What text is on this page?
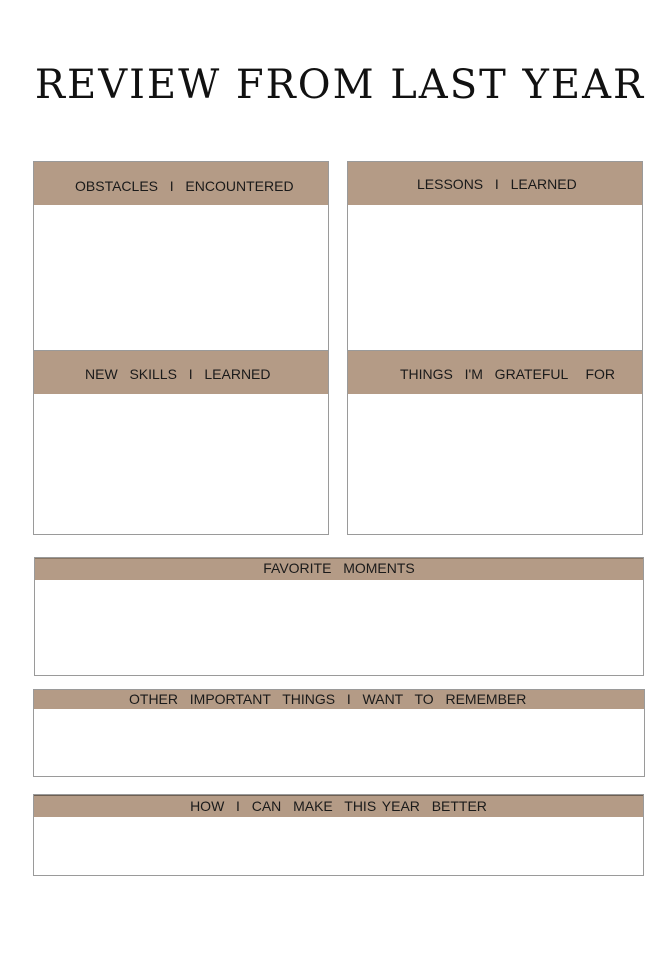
REVIEW FROM LAST YEAR
OBSTACLES  I  ENCOUNTERED	LESSONS  I  LEARNED
NEW  SKILLS  I  LEARNED	THINGS  I'M  GRATEFUL   FOR
FAVORITE  MOMENTS
OTHER  IMPORTANT  THINGS  I  WANT  TO  REMEMBER
HOW  I  CAN  MAKE  THIS YEAR  BETTER
